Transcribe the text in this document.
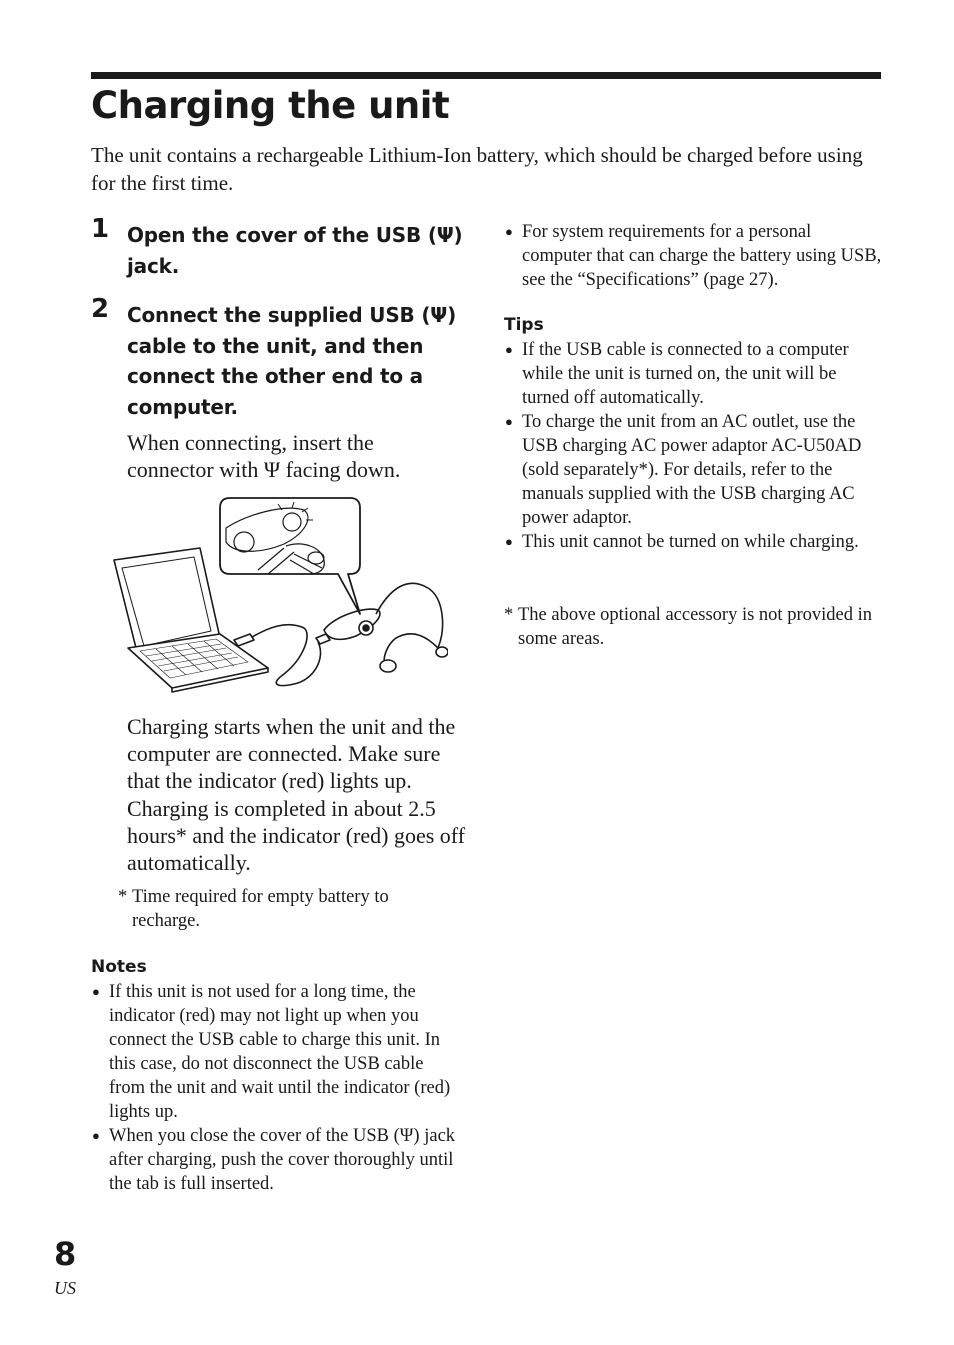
Charging the unit

The unit contains a rechargeable Lithium-Ion battery, which should be charged before using for the first time.

1 Open the cover of the USB (Ψ) jack.

2 Connect the supplied USB (Ψ) cable to the unit, and then connect the other end to a computer.

When connecting, insert the connector with Ψ facing down.

Charging starts when the unit and the computer are connected. Make sure that the indicator (red) lights up. Charging is completed in about 2.5 hours* and the indicator (red) goes off automatically.

* Time required for empty battery to recharge.
Notes
● If this unit is not used for a long time, the indicator (red) may not light up when you connect the USB cable to charge this unit. In this case, do not disconnect the USB cable from the unit and wait until the indicator (red) lights up.
● When you close the cover of the USB (Ψ) jack after charging, push the cover thoroughly until the tab is full inserted.
● For system requirements for a personal computer that can charge the battery using USB, see the “Specifications” (page 27).
Tips
● If the USB cable is connected to a computer while the unit is turned on, the unit will be turned off automatically.
● To charge the unit from an AC outlet, use the USB charging AC power adaptor AC-U50AD (sold separately*). For details, refer to the manuals supplied with the USB charging AC power adaptor.
● This unit cannot be turned on while charging.
* The above optional accessory is not provided in some areas.
8
US
